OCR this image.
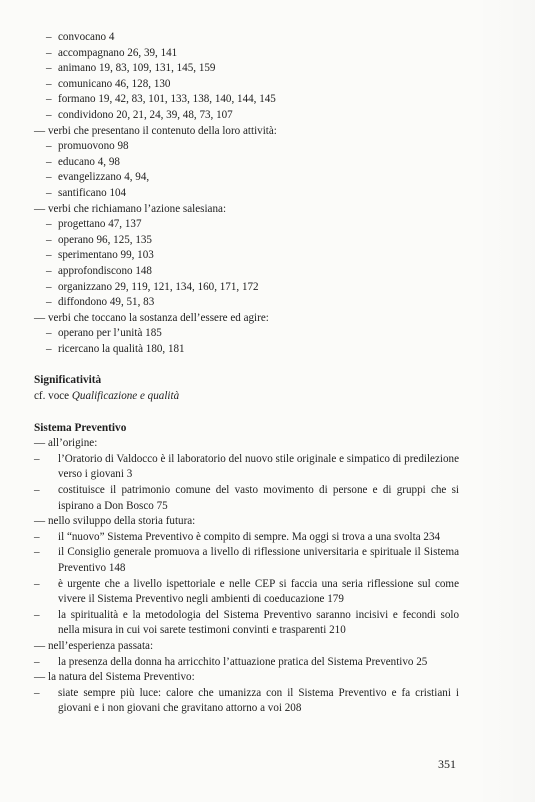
– convocano 4
– accompagnano 26, 39, 141
– animano 19, 83, 109, 131, 145, 159
– comunicano 46, 128, 130
– formano 19, 42, 83, 101, 133, 138, 140, 144, 145
– condividono 20, 21, 24, 39, 48, 73, 107
— verbi che presentano il contenuto della loro attività:
– promuovono 98
– educano 4, 98
– evangelizzano 4, 94,
– santificano 104
— verbi che richiamano l’azione salesiana:
– progettano 47, 137
– operano 96, 125, 135
– sperimentano 99, 103
– approfondiscono 148
– organizzano 29, 119, 121, 134, 160, 171, 172
– diffondono 49, 51, 83
— verbi che toccano la sostanza dell’essere ed agire:
– operano per l’unità 185
– ricercano la qualità 180, 181
Significatività
cf. voce Qualificazione e qualità
Sistema Preventivo
— all’origine:
– l’Oratorio di Valdocco è il laboratorio del nuovo stile originale e simpatico di predilezione verso i giovani 3
– costituisce il patrimonio comune del vasto movimento di persone e di gruppi che si ispirano a Don Bosco 75
— nello sviluppo della storia futura:
– il “nuovo” Sistema Preventivo è compito di sempre. Ma oggi si trova a una svolta 234
– il Consiglio generale promuova a livello di riflessione universitaria e spirituale il Sistema Preventivo 148
– è urgente che a livello ispettoriale e nelle CEP si faccia una seria riflessione sul come vivere il Sistema Preventivo negli ambienti di coeducazione 179
– la spiritualità e la metodologia del Sistema Preventivo saranno incisivi e fecondi solo nella misura in cui voi sarete testimoni convinti e trasparenti 210
— nell’esperienza passata:
– la presenza della donna ha arricchito l’attuazione pratica del Sistema Preventivo 25
— la natura del Sistema Preventivo:
– siate sempre più luce: calore che umanizza con il Sistema Preventivo e fa cristiani i giovani e i non giovani che gravitano attorno a voi 208
351
